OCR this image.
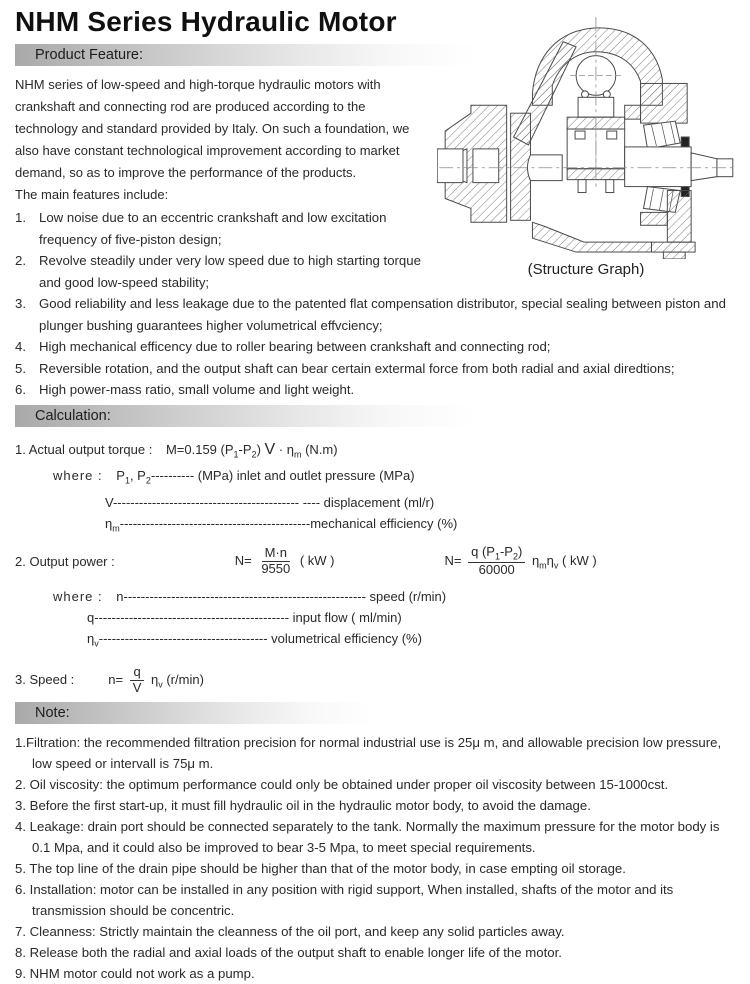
NHM Series Hydraulic Motor
Product Feature:
(Structure Graph)

NHM series of low-speed and high-torque hydraulic motors with crankshaft and connecting rod are produced according to the technology and standard provided by Italy. On such a foundation, we also have constant technological improvement according to market demand, so as to improve the performance of the products.

The main features include:

1. Low noise due to an eccentric crankshaft and low excitation frequency of five-piston design;
2. Revolve steadily under very low speed due to high starting torque and good low-speed stability;
3. Good reliability and less leakage due to the patented flat compensation distributor, special sealing between piston and plunger bushing guarantees higher volumetrical effvciency;
4. High mechanical efficency due to roller bearing between crankshaft and connecting rod;
5. Reversible rotation, and the output shaft can bear certain extermal force from both radial and axial diredtions;
6. High power-mass ratio, small volume and light weight.
Calculation:
1. Actual output torque : M=0.159 $(P_1-P_2) V \cdot \eta_m$ (N.m)
where : $P_1$, $P_2----------$ (MPa) inlet and outlet pressure (MPa)
V------------------------------------------- ---- displacement (ml/r)
$\eta_m-------------------------------------------$-mechanical efficiency (%)
2. Output power :	$N= \frac{M\cdot n}{9550}$ ( kW )	$N= \frac{q (P_1-P_2)}{60000} \eta_m\eta_v$ ( kW )
where : n-------------------------------------------------------- speed (r/min)
q--------------------------------------------- input flow ( ml/min)
$\eta_v---------------------------------------$ volumetrical efficiency (%)
3. Speed :	$n= \frac{q}{V} \eta_v$ (r/min)
Note:
1.Filtration: the recommended filtration precision for normal industrial use is 25μ m, and allowable precision low pressure, low speed or intervall is 75μ m.
2. Oil viscosity: the optimum performance could only be obtained under proper oil viscosity between 15-1000cst.
3. Before the first start-up, it must fill hydraulic oil in the hydraulic motor body, to avoid the damage.
4. Leakage: drain port should be connected separately to the tank. Normally the maximum pressure for the motor body is 0.1 Mpa, and it could also be improved to bear 3-5 Mpa, to meet special requirements.
5. The top line of the drain pipe should be higher than that of the motor body, in case empting oil storage.
6. Installation: motor can be installed in any position with rigid support, When installed, shafts of the motor and its transmission should be concentric.
7. Cleanness: Strictly maintain the cleanness of the oil port, and keep any solid particles away.
8. Release both the radial and axial loads of the output shaft to enable longer life of the motor.
9. NHM motor could not work as a pump.
